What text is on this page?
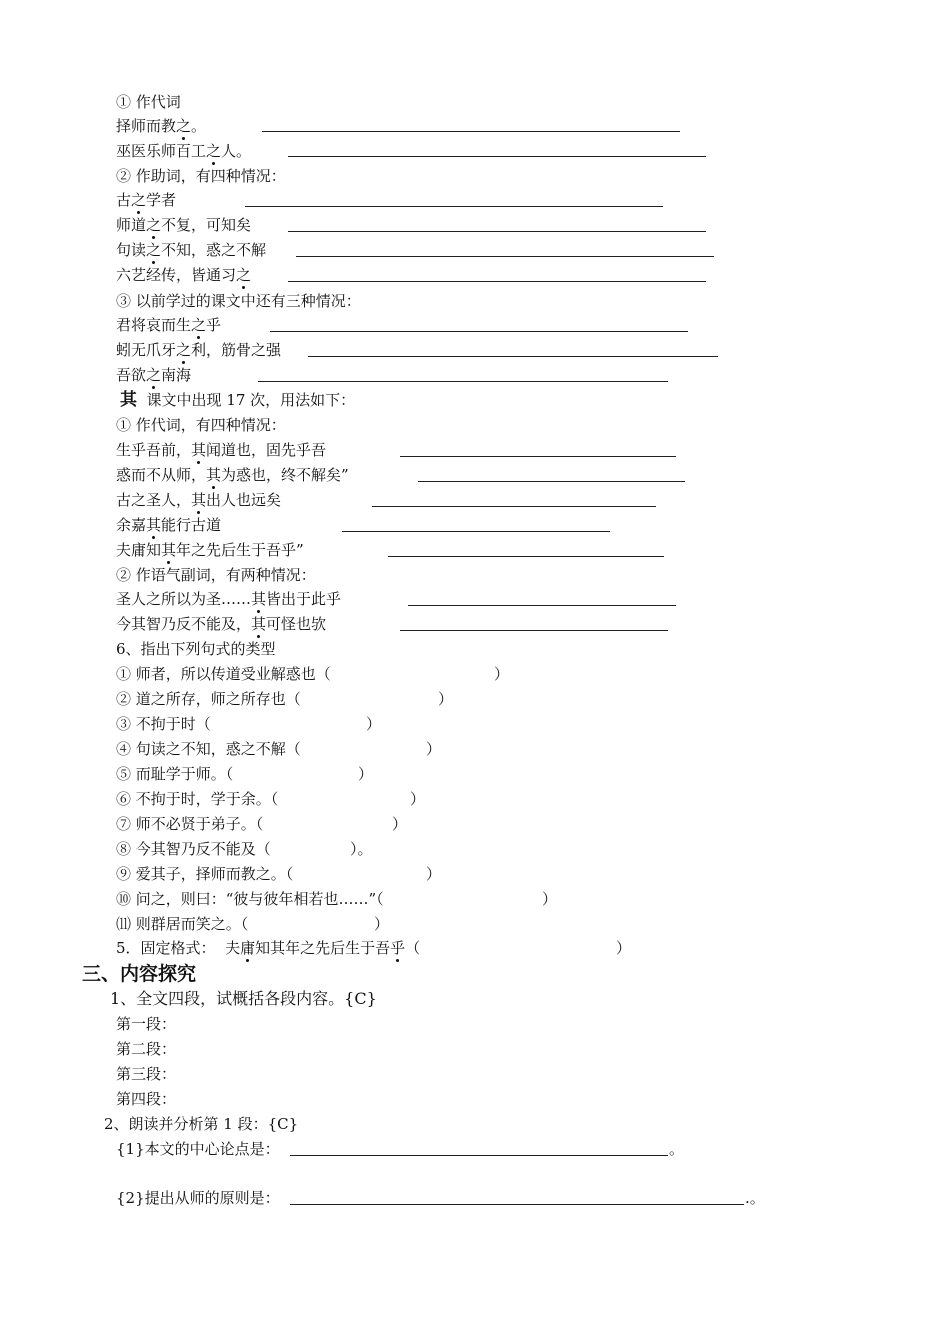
① 作代词
择师而教之。
巫医乐师百工之人。
② 作助词，有四种情况：
古之学者
师道之不复，可知矣
句读之不知，惑之不解
六艺经传，皆通习之
③ 以前学过的课文中还有三种情况：
君将哀而生之乎
蚓无爪牙之利，筋骨之强
吾欲之南海
其 课文中出现 17 次，用法如下：
① 作代词，有四种情况：
生乎吾前，其闻道也，固先乎吾
惑而不从师，其为惑也，终不解矣”
古之圣人，其出人也远矣
余嘉其能行古道
夫庸知其年之先后生于吾乎”
② 作语气副词，有两种情况：
圣人之所以为圣……其皆出于此乎
今其智乃反不能及，其可怪也欤
6、指出下列句式的类型
① 师者，所以传道受业解惑也（	）
② 道之所存，师之所存也（	）
③ 不拘于时（	）
④ 句读之不知，惑之不解（	）
⑤ 而耻学于师。（	）
⑥ 不拘于时，学于余。（	）
⑦ 师不必贤于弟子。（	）
⑧ 今其智乃反不能及（	）。
⑨ 爱其子，择师而教之。（	）
⑩ 问之，则曰：“彼与彼年相若也……”（	）
⑾ 则群居而笑之。（	）
5．固定格式： 夫庸知其年之先后生于吾乎（	）
三、内容探究
1、全文四段，试概括各段内容。{C}
第一段：
第二段：
第三段：
第四段：
2、朗读并分析第 1 段：{C}
{1}本文的中心论点是：	。
{2}提出从师的原则是：	.。
